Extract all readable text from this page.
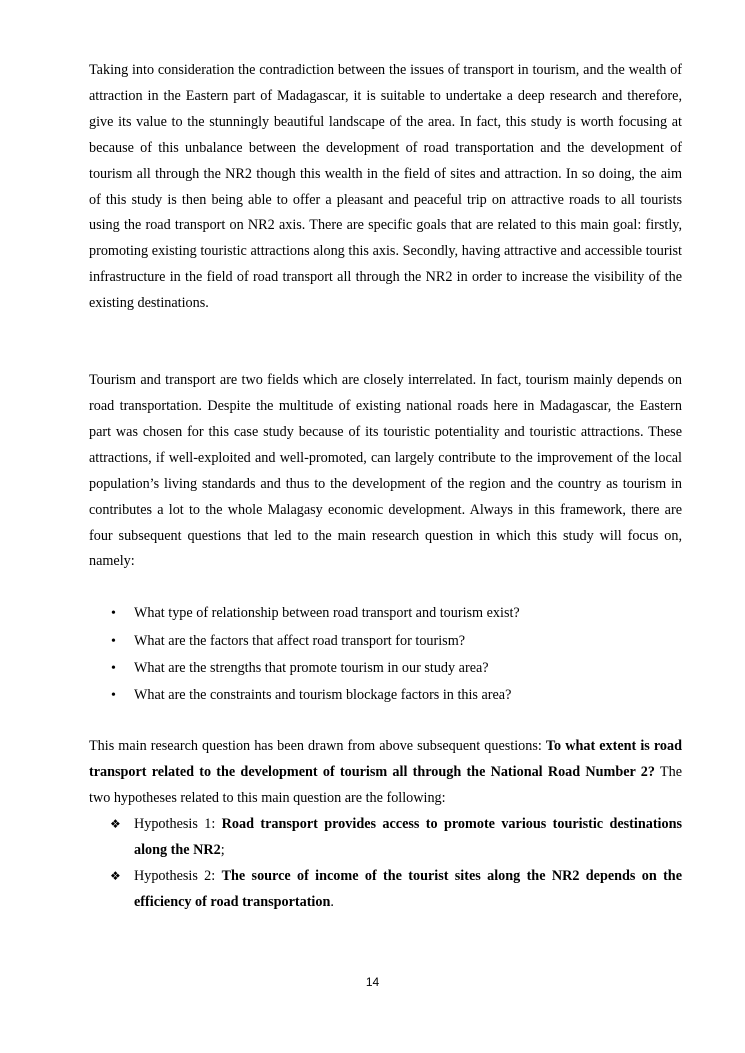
Taking into consideration the contradiction between the issues of transport in tourism, and the wealth of attraction in the Eastern part of Madagascar, it is suitable to undertake a deep research and therefore, give its value to the stunningly beautiful landscape of the area. In fact, this study is worth focusing at because of this unbalance between the development of road transportation and the development of tourism all through the NR2 though this wealth in the field of sites and attraction. In so doing, the aim of this study is then being able to offer a pleasant and peaceful trip on attractive roads to all tourists using the road transport on NR2 axis. There are specific goals that are related to this main goal: firstly, promoting existing touristic attractions along this axis. Secondly, having attractive and accessible tourist infrastructure in the field of road transport all through the NR2 in order to increase the visibility of the existing destinations.

Tourism and transport are two fields which are closely interrelated. In fact, tourism mainly depends on road transportation. Despite the multitude of existing national roads here in Madagascar, the Eastern part was chosen for this case study because of its touristic potentiality and touristic attractions. These attractions, if well-exploited and well-promoted, can largely contribute to the improvement of the local population’s living standards and thus to the development of the region and the country as tourism in contributes a lot to the whole Malagasy economic development. Always in this framework, there are four subsequent questions that led to the main research question in which this study will focus on, namely:

• What type of relationship between road transport and tourism exist?
• What are the factors that affect road transport for tourism?
• What are the strengths that promote tourism in our study area?
• What are the constraints and tourism blockage factors in this area?

This main research question has been drawn from above subsequent questions: To what extent is road transport related to the development of tourism all through the National Road Number 2? The two hypotheses related to this main question are the following:

❖ Hypothesis 1: Road transport provides access to promote various touristic destinations along the NR2;
❖ Hypothesis 2: The source of income of the tourist sites along the NR2 depends on the efficiency of road transportation.
14
